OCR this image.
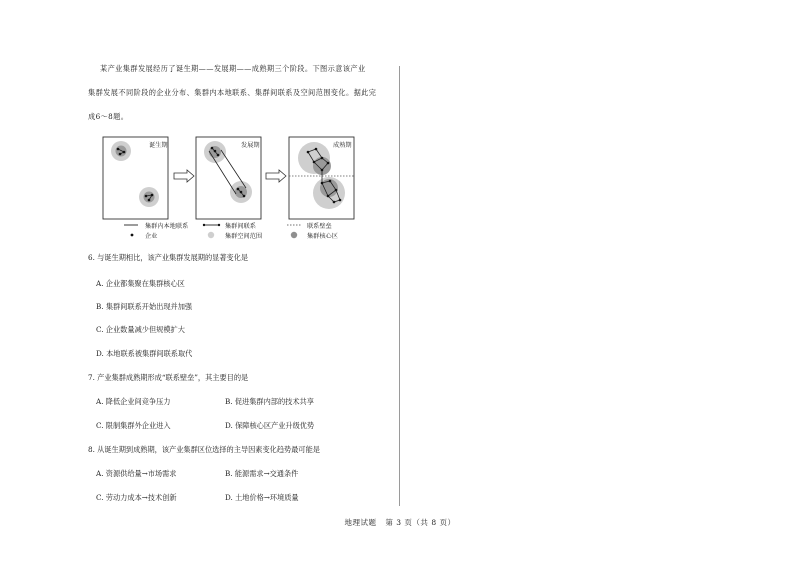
某产业集群发展经历了诞生期——发展期——成熟期三个阶段。下图示意该产业
集群发展不同阶段的企业分布、集群内本地联系、集群间联系及空间范围变化。据此完
成6～8题。
诞生期	发展期	成熟期
集群内本地联系	集群间联系	联系壁垒
企业	集群空间范围	集群核心区
6. 与诞生期相比，该产业集群发展期的显著变化是
A. 企业都集聚在集群核心区
B. 集群间联系开始出现并加强
C. 企业数量减少但规模扩大
D. 本地联系被集群间联系取代
7. 产业集群成熟期形成“联系壁垒”，其主要目的是
A. 降低企业间竞争压力	B. 促进集群内部的技术共享
C. 限制集群外企业进入	D. 保障核心区产业升级优势
8. 从诞生期到成熟期，该产业集群区位选择的主导因素变化趋势最可能是
A. 资源供给量→市场需求	B. 能源需求→交通条件
C. 劳动力成本→技术创新	D. 土地价格→环境质量
地理试题 第 3 页（共 8 页）
